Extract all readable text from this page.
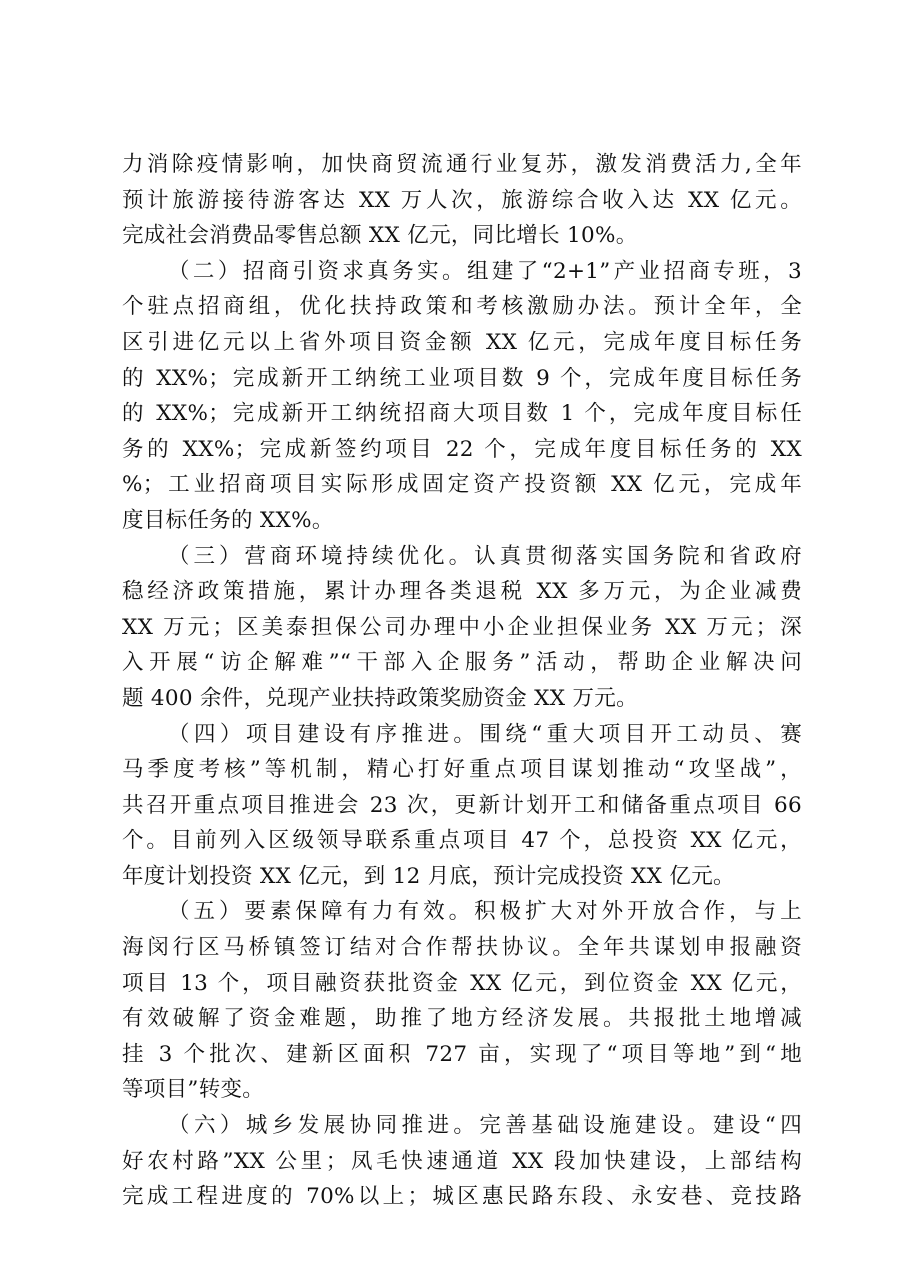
力消除疫情影响，加快商贸流通行业复苏，激发消费活力,全年
预计旅游接待游客达 XX 万人次，旅游综合收入达 XX 亿元。
完成社会消费品零售总额 XX 亿元，同比增长 10%。
（二）招商引资求真务实。组建了“2+1”产业招商专班，3
个驻点招商组，优化扶持政策和考核激励办法。预计全年，全
区引进亿元以上省外项目资金额 XX 亿元，完成年度目标任务
的 XX%；完成新开工纳统工业项目数 9 个，完成年度目标任务
的 XX%；完成新开工纳统招商大项目数 1 个，完成年度目标任
务的 XX%；完成新签约项目 22 个，完成年度目标任务的 XX
%；工业招商项目实际形成固定资产投资额 XX 亿元，完成年
度目标任务的 XX%。
（三）营商环境持续优化。认真贯彻落实国务院和省政府
稳经济政策措施，累计办理各类退税 XX 多万元，为企业减费
XX 万元；区美泰担保公司办理中小企业担保业务 XX 万元；深
入开展“访企解难”“干部入企服务”活动，帮助企业解决问
题 400 余件，兑现产业扶持政策奖励资金 XX 万元。
（四）项目建设有序推进。围绕“重大项目开工动员、赛
马季度考核”等机制，精心打好重点项目谋划推动“攻坚战”，
共召开重点项目推进会 23 次，更新计划开工和储备重点项目 66
个。目前列入区级领导联系重点项目 47 个，总投资 XX 亿元，
年度计划投资 XX 亿元，到 12 月底，预计完成投资 XX 亿元。
（五）要素保障有力有效。积极扩大对外开放合作，与上
海闵行区马桥镇签订结对合作帮扶协议。全年共谋划申报融资
项目 13 个，项目融资获批资金 XX 亿元，到位资金 XX 亿元，
有效破解了资金难题，助推了地方经济发展。共报批土地增减
挂 3 个批次、建新区面积 727 亩，实现了“项目等地”到“地
等项目”转变。
（六）城乡发展协同推进。完善基础设施建设。建设“四
好农村路”XX 公里；凤毛快速通道 XX 段加快建设，上部结构
完成工程进度的 70%以上；城区惠民路东段、永安巷、竞技路
